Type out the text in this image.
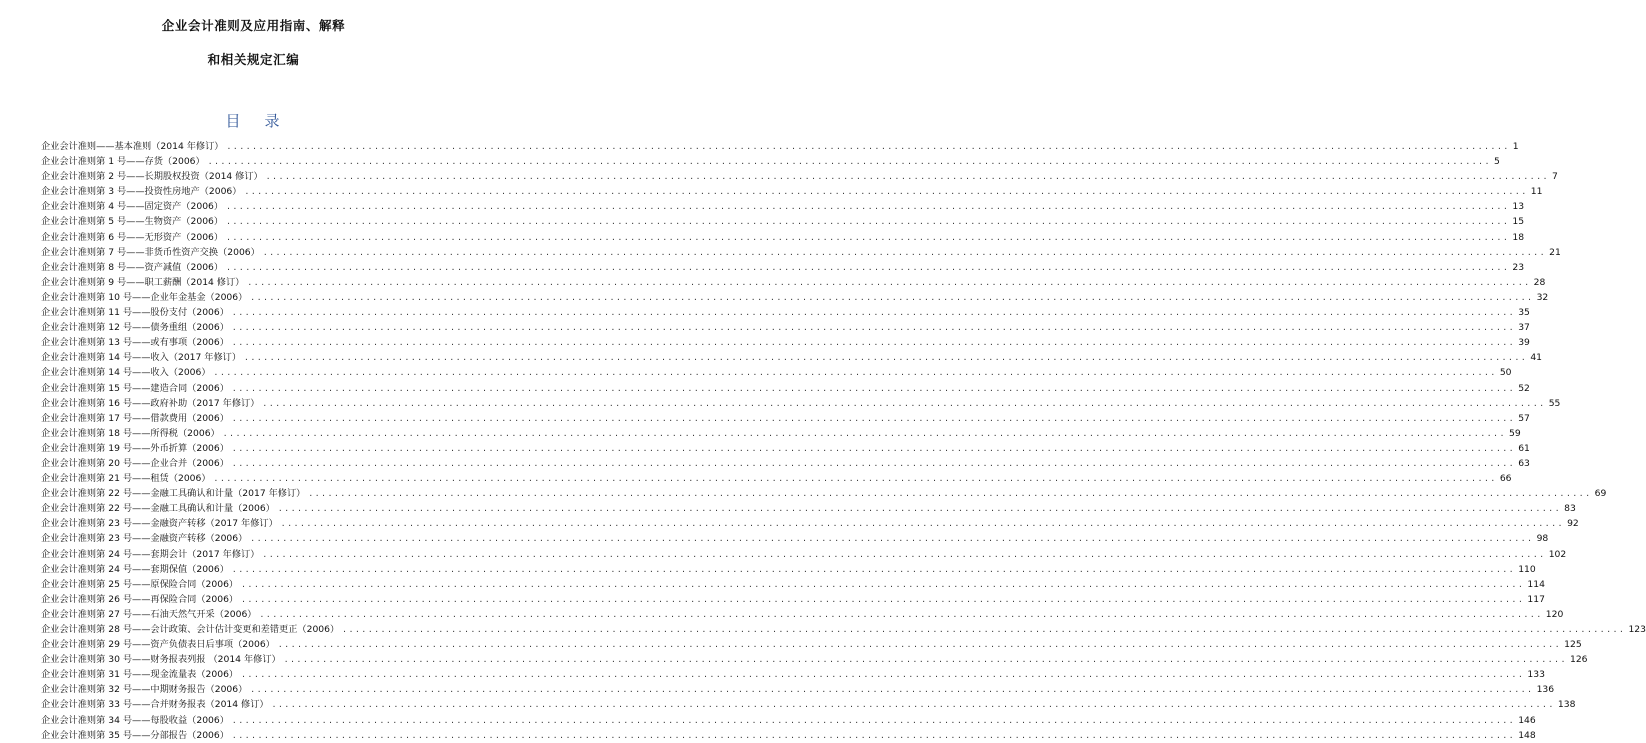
企业会计准则及应用指南、解释
和相关规定汇编
目 录
企业会计准则——基本准则（2014 年修订） ........................................................................................................................................................................................................ 1
企业会计准则第 1 号——存货（2006） ........................................................................................................................................................................................................ 5
企业会计准则第 2 号——长期股权投资（2014 修订） ........................................................................................................................................................................................................ 7
企业会计准则第 3 号——投资性房地产（2006） ........................................................................................................................................................................................................ 11
企业会计准则第 4 号——固定资产（2006） ........................................................................................................................................................................................................ 13
企业会计准则第 5 号——生物资产（2006） ........................................................................................................................................................................................................ 15
企业会计准则第 6 号——无形资产（2006） ........................................................................................................................................................................................................ 18
企业会计准则第 7 号——非货币性资产交换（2006） ........................................................................................................................................................................................................ 21
企业会计准则第 8 号——资产减值（2006） ........................................................................................................................................................................................................ 23
企业会计准则第 9 号——职工薪酬（2014 修订） ........................................................................................................................................................................................................ 28
企业会计准则第 10 号——企业年金基金（2006） ........................................................................................................................................................................................................ 32
企业会计准则第 11 号——股份支付（2006） ........................................................................................................................................................................................................ 35
企业会计准则第 12 号——债务重组（2006） ........................................................................................................................................................................................................ 37
企业会计准则第 13 号——或有事项（2006） ........................................................................................................................................................................................................ 39
企业会计准则第 14 号——收入（2017 年修订） ........................................................................................................................................................................................................ 41
企业会计准则第 14 号——收入（2006） ........................................................................................................................................................................................................ 50
企业会计准则第 15 号——建造合同（2006） ........................................................................................................................................................................................................ 52
企业会计准则第 16 号——政府补助（2017 年修订） ........................................................................................................................................................................................................ 55
企业会计准则第 17 号——借款费用（2006） ........................................................................................................................................................................................................ 57
企业会计准则第 18 号——所得税（2006） ........................................................................................................................................................................................................ 59
企业会计准则第 19 号——外币折算（2006） ........................................................................................................................................................................................................ 61
企业会计准则第 20 号——企业合并（2006） ........................................................................................................................................................................................................ 63
企业会计准则第 21 号——租赁（2006） ........................................................................................................................................................................................................ 66
企业会计准则第 22 号——金融工具确认和计量（2017 年修订） ........................................................................................................................................................................................................ 69
企业会计准则第 22 号——金融工具确认和计量（2006） ........................................................................................................................................................................................................ 83
企业会计准则第 23 号——金融资产转移（2017 年修订） ........................................................................................................................................................................................................ 92
企业会计准则第 23 号——金融资产转移（2006） ........................................................................................................................................................................................................ 98
企业会计准则第 24 号——套期会计（2017 年修订） ........................................................................................................................................................................................................ 102
企业会计准则第 24 号——套期保值（2006） ........................................................................................................................................................................................................ 110
企业会计准则第 25 号——原保险合同（2006） ........................................................................................................................................................................................................ 114
企业会计准则第 26 号——再保险合同（2006） ........................................................................................................................................................................................................ 117
企业会计准则第 27 号——石油天然气开采（2006） ........................................................................................................................................................................................................ 120
企业会计准则第 28 号——会计政策、会计估计变更和差错更正（2006） ........................................................................................................................................................................................................ 123
企业会计准则第 29 号——资产负债表日后事项（2006） ........................................................................................................................................................................................................ 125
企业会计准则第 30 号——财务报表列报 （2014 年修订） ........................................................................................................................................................................................................ 126
企业会计准则第 31 号——现金流量表（2006） ........................................................................................................................................................................................................ 133
企业会计准则第 32 号——中期财务报告（2006） ........................................................................................................................................................................................................ 136
企业会计准则第 33 号——合并财务报表（2014 修订） ........................................................................................................................................................................................................ 138
企业会计准则第 34 号——每股收益（2006） ........................................................................................................................................................................................................ 146
企业会计准则第 35 号——分部报告（2006） ........................................................................................................................................................................................................ 148
